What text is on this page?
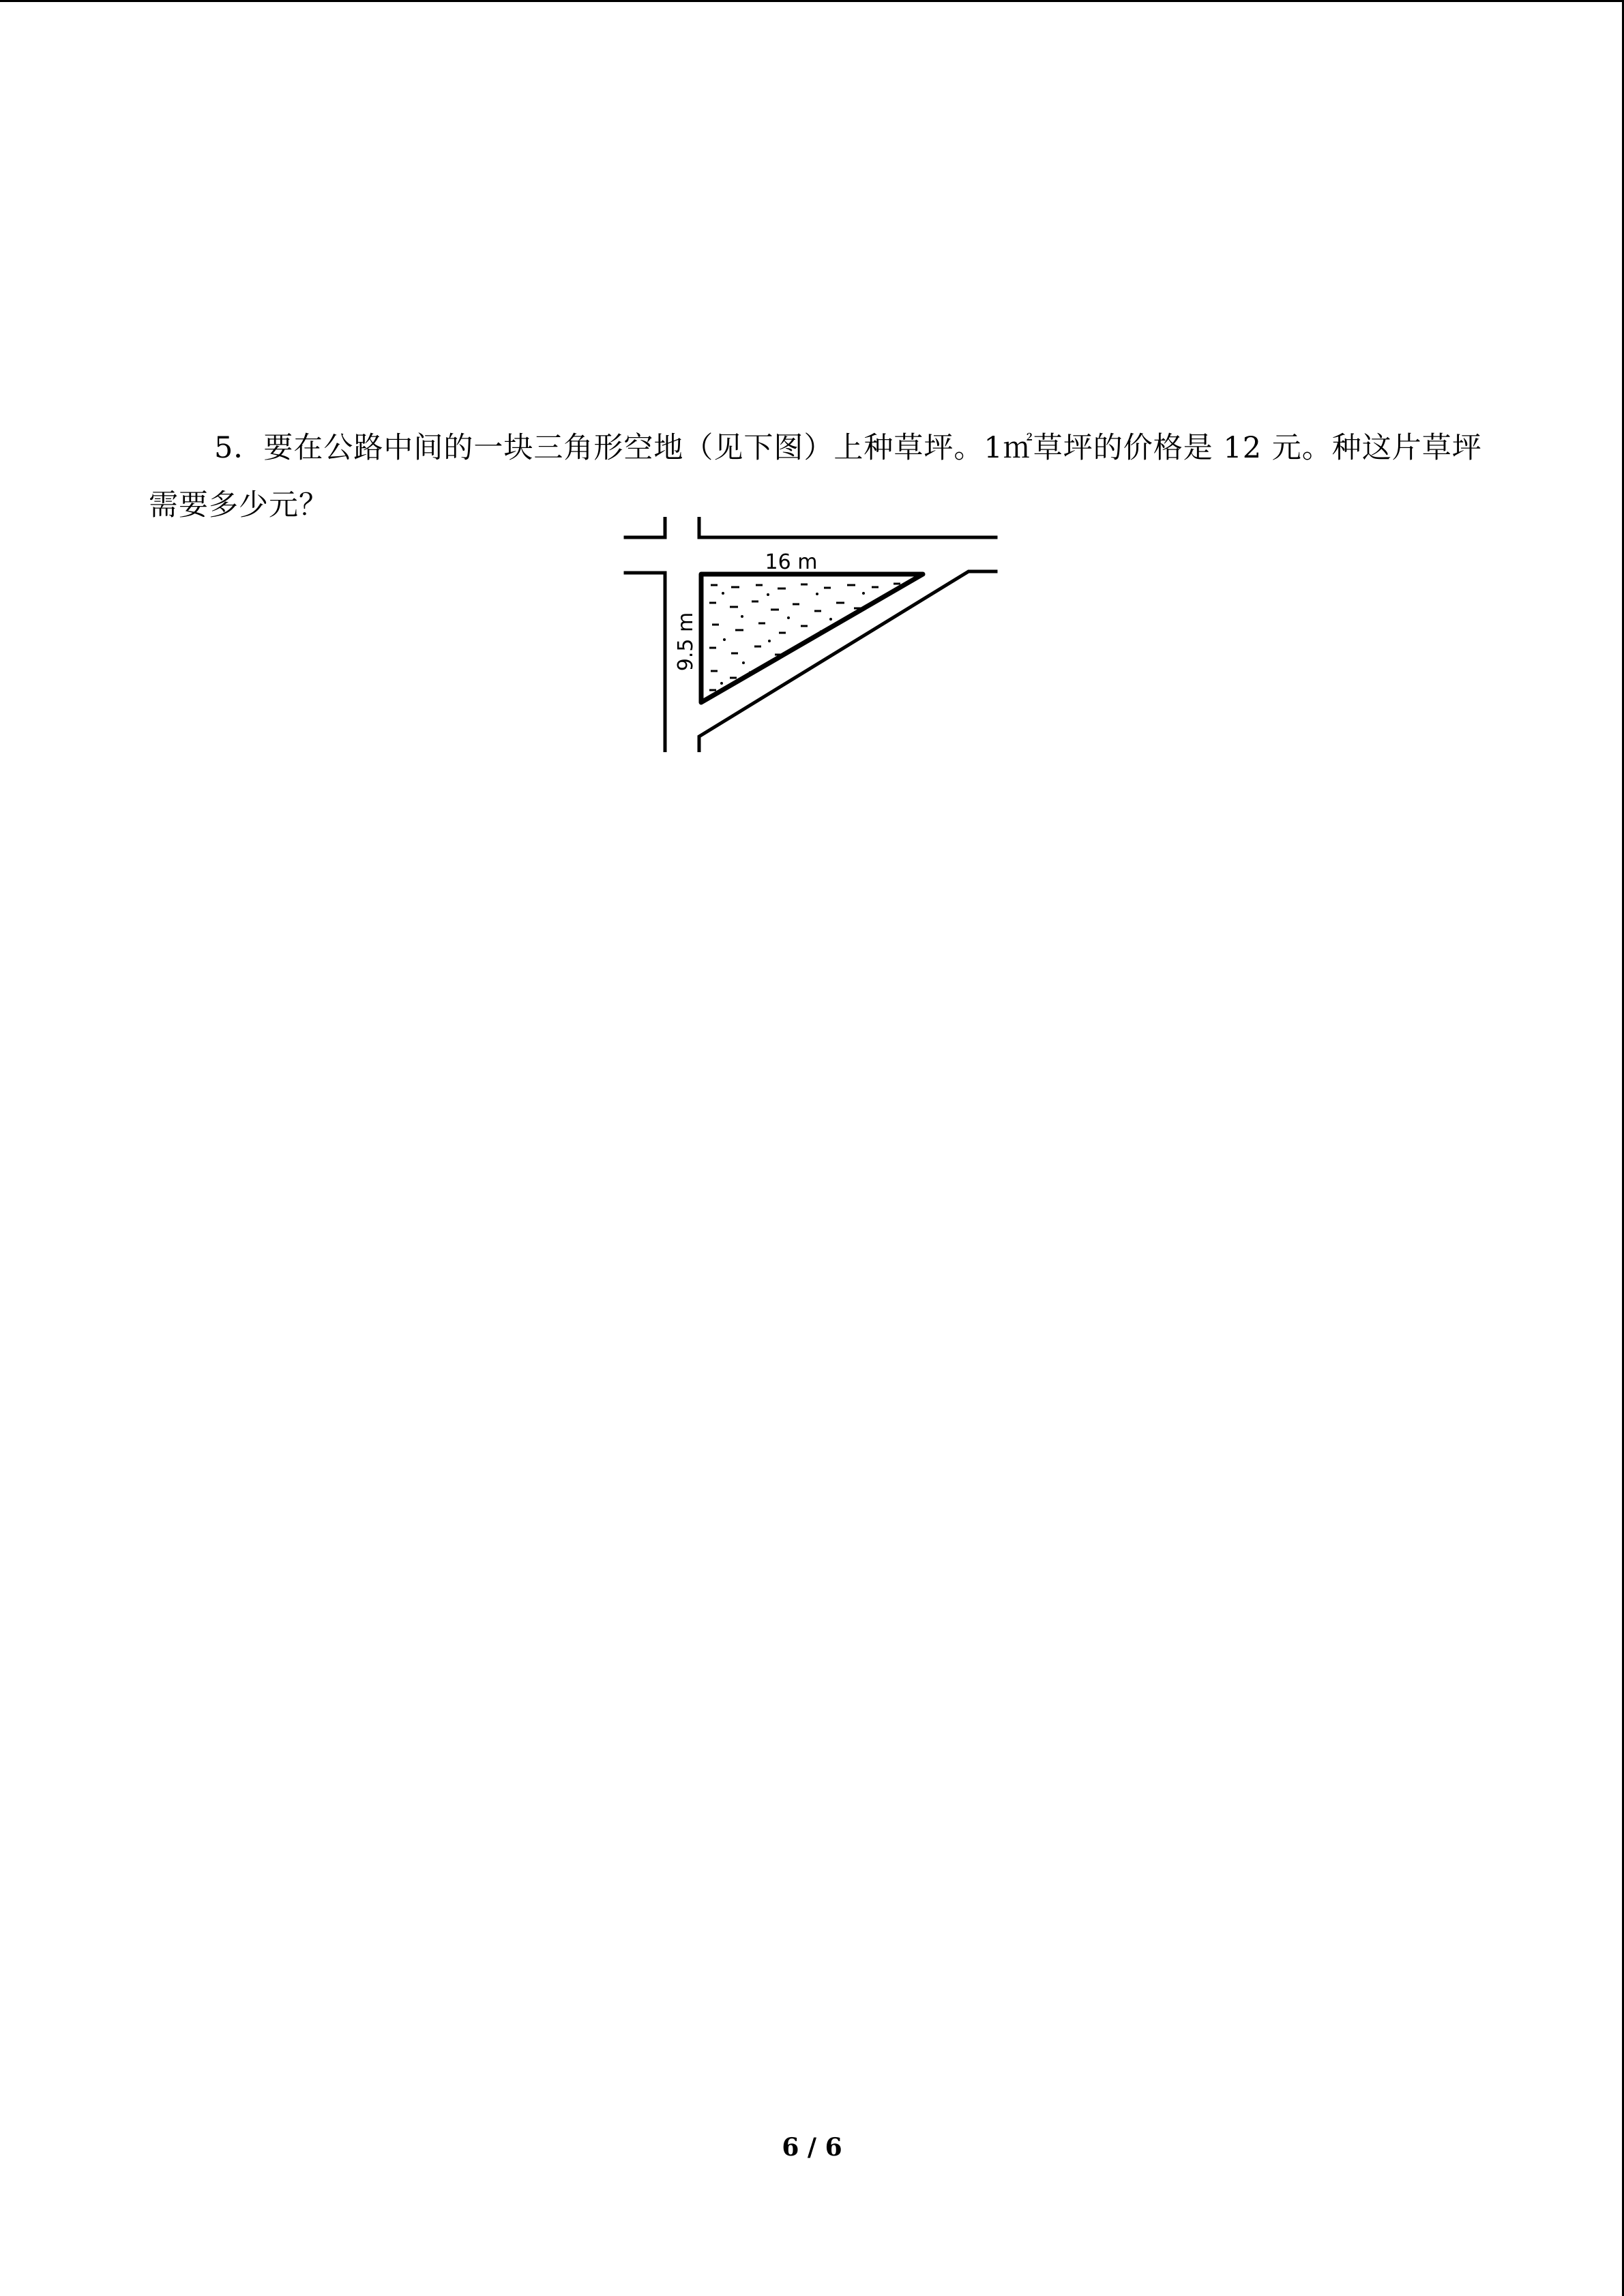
5．要在公路中间的一块三角形空地（见下图）上种草坪。1㎡草坪的价格是 12 元。种这片草坪需要多少元？

16 m
9.5 m
6 / 6
